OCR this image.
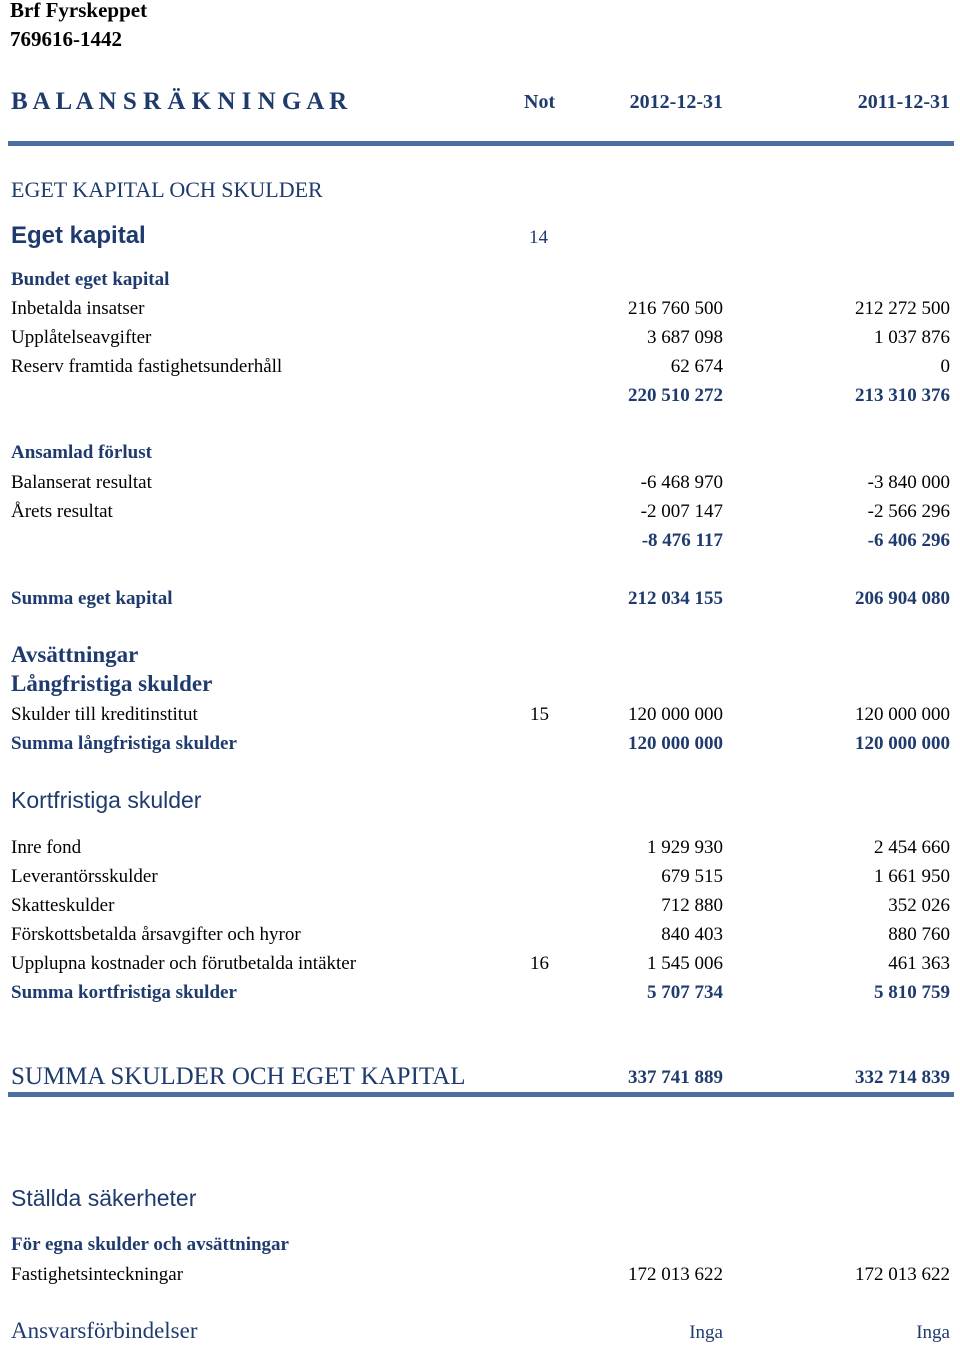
Brf Fyrskeppet
769616-1442
B A L A N S R Ä K N I N G A R	Not	2012-12-31	2011-12-31
EGET KAPITAL OCH SKULDER
Eget kapital	14
Bundet eget kapital
Inbetalda insatser	216 760 500	212 272 500
Upplåtelseavgifter	3 687 098	1 037 876
Reserv framtida fastighetsunderhåll	62 674	0
220 510 272	213 310 376
Ansamlad förlust
Balanserat resultat	-6 468 970	-3 840 000
Årets resultat	-2 007 147	-2 566 296
-8 476 117	-6 406 296
Summa eget kapital	212 034 155	206 904 080
Avsättningar
Långfristiga skulder
Skulder till kreditinstitut	15	120 000 000	120 000 000
Summa långfristiga skulder	120 000 000	120 000 000
Kortfristiga skulder
Inre fond	1 929 930	2 454 660
Leverantörsskulder	679 515	1 661 950
Skatteskulder	712 880	352 026
Förskottsbetalda årsavgifter och hyror	840 403	880 760
Upplupna kostnader och förutbetalda intäkter	16	1 545 006	461 363
Summa kortfristiga skulder	5 707 734	5 810 759
SUMMA SKULDER OCH EGET KAPITAL	337 741 889	332 714 839
Ställda säkerheter
För egna skulder och avsättningar
Fastighetsinteckningar	172 013 622	172 013 622
Ansvarsförbindelser	Inga	Inga
